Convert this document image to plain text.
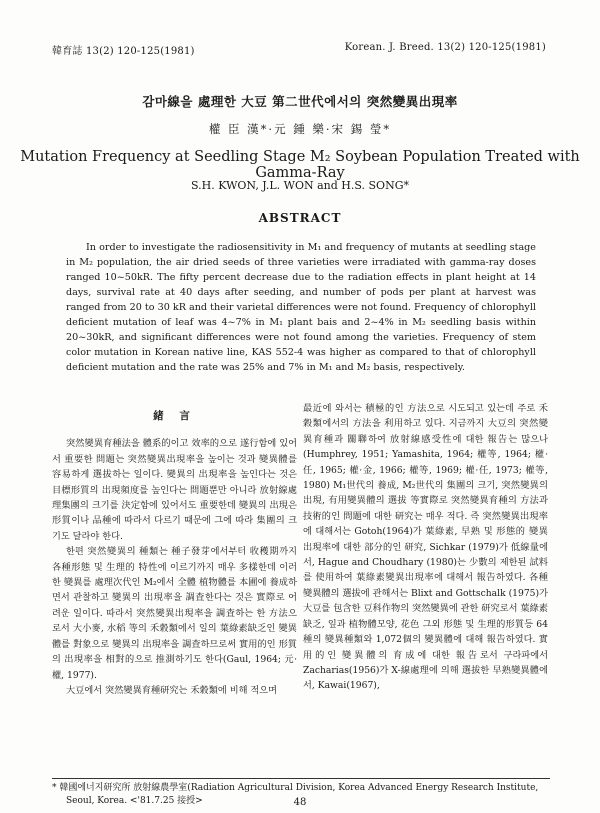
韓育誌 13(2) 120-125(1981)	Korean. J. Breed. 13(2) 120-125(1981)
감마線을 處理한 大豆 第二世代에서의 突然變異出現率
權 臣 漢*·元 鍾 樂·宋 錫 瑩*
Mutation Frequency at Seedling Stage M₂ Soybean Population Treated with Gamma-Ray
S.H. KWON, J.L. WON and H.S. SONG*
ABSTRACT

In order to investigate the radiosensitivity in M₁ and frequency of mutants at seedling stage in M₂ population, the air dried seeds of three varieties were irradiated with gamma-ray doses ranged 10~50kR. The fifty percent decrease due to the radiation effects in plant height at 14 days, survival rate at 40 days after seeding, and number of pods per plant at harvest was ranged from 20 to 30 kR and their varietal differences were not found. Frequency of chlorophyll deficient mutation of leaf was 4~7% in M₁ plant bais and 2~4% in M₂ seedling basis within 20~30kR, and significant differences were not found among the varieties. Frequency of stem color mutation in Korean native line, KAS 552-4 was higher as compared to that of chlorophyll deficient mutation and the rate was 25% and 7% in M₁ and M₂ basis, respectively.

緒 言

突然變異育種法을 體系的이고 效率的으로 遂行함에 있어서 重要한 問題는 突然變異出現率을 높이는 것과 變異體를 容易하게 選拔하는 일이다. 變異의 出現率을 높인다는 것은 目標形質의 出現頻度를 높인다는 問題뿐만 아니라 放射線處理集團의 크기를 決定함에 있어서도 重要한데 變異의 出現은 形質이나 品種에 따라서 다르기 때문에 그에 따라 集團의 크기도 달라야 한다.

한편 突然變異의 種類는 種子發芽에서부터 收穫期까지 各種形態 및 生理的 特性에 이르기까지 매우 多樣한데 이러한 變異를 處理次代인 M₂에서 全體 植物體를 本圃에 養成하면서 관찰하고 變異의 出現率을 調査한다는 것은 實際로 어려운 일이다. 따라서 突然變異出現率을 調査하는 한 方法으로서 大小麥, 水稻 等의 禾穀類에서 일의 葉綠素缺乏인 變異體를 對象으로 變異의 出現率을 調査하므로써 實用的인 形質의 出現率을 相對的으로 推測하기도 한다(Gaul, 1964; 元·權, 1977).

大豆에서 突然變異育種研究는 禾穀類에 비해 적으며

最近에 와서는 積極的인 方法으로 시도되고 있는데 주로 禾穀類에서의 方法을 利用하고 있다. 지금까지 大豆의 突然變異育種과 關聯하여 放射線感受性에 대한 報告는 많으나(Humphrey, 1951; Yamashita, 1964; 權等, 1964; 權·任, 1965; 權·金, 1966; 權等, 1969; 權·任, 1973; 權等, 1980) M₁世代의 養成, M₂世代의 集團의 크기, 突然變異의 出現, 有用變異體의 選拔 等實際로 突然變異育種의 方法과 技術的인 問題에 대한 研究는 매우 적다. 즉 突然變異出現率에 대해서는 Gotoh(1964)가 葉綠素, 早熟 및 形態的 變異出現率에 대한 部分的인 研究, Sichkar (1979)가 低線量에서, Hague and Choudhary (1980)는 少數의 제한된 試料를 使用하여 葉綠素變異出現率에 대해서 報告하였다. 各種 變異體의 選拔에 관해서는 Blixt and Gottschalk (1975)가 大豆를 包含한 豆科作物의 突然變異에 관한 研究로서 葉綠素缺乏, 잎과 植物體모양, 花色 그외 形態 및 生理的形質등 64種의 變異種類와 1,072個의 變異體에 대해 報告하였다. 實用的인 變異體의 育成에 대한 報告로서 구라파에서 Zacharias(1956)가 X-線處理에 의해 選拔한 早熟變異體에서, Kawai(1967),

* 韓國에너지研究所 放射線農學室(Radiation Agricultural Division, Korea Advanced Energy Research Institute,
Seoul, Korea. <'81.7.25 接授>	48
